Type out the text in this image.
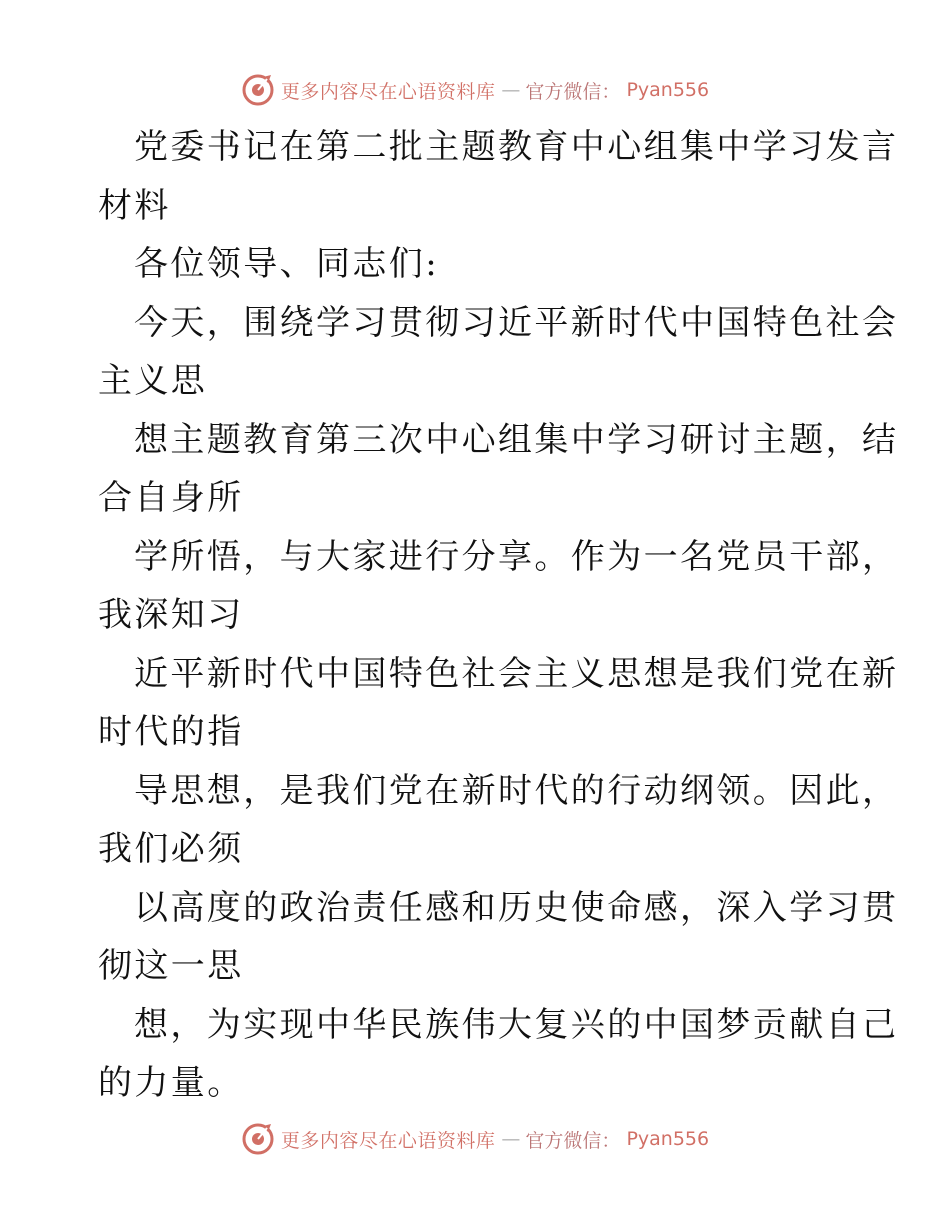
更多内容尽在心语资料库 — 官方微信： Pyan556
党委书记在第二批主题教育中心组集中学习发言
材料
各位领导、同志们:
今天，围绕学习贯彻习近平新时代中国特色社会
主义思
想主题教育第三次中心组集中学习研讨主题，结
合自身所
学所悟，与大家进行分享。作为一名党员干部，
我深知习
近平新时代中国特色社会主义思想是我们党在新
时代的指
导思想，是我们党在新时代的行动纲领。因此，
我们必须
以高度的政治责任感和历史使命感，深入学习贯
彻这一思
想，为实现中华民族伟大复兴的中国梦贡献自己
的力量。
更多内容尽在心语资料库 — 官方微信： Pyan556
